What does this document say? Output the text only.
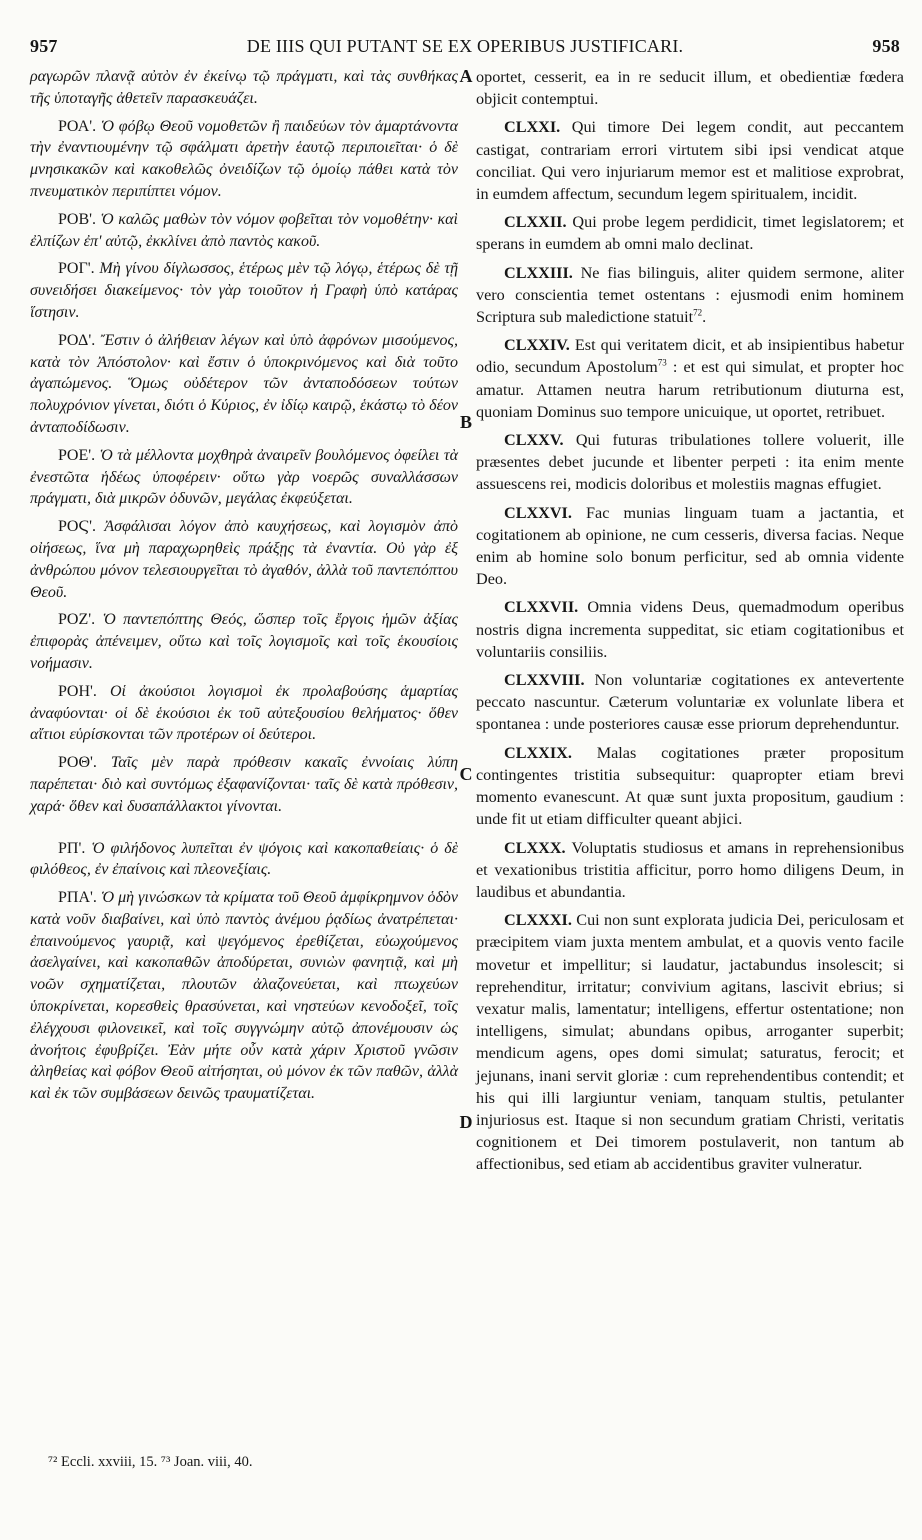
957	DE IIIS QUI PUTANT SE EX OPERIBUS JUSTIFICARI.	958

ραγωρῶν πλανᾷ αὐτὸν ἐν ἐκείνῳ τῷ πράγματι, καὶ τὰς συνθήκας τῆς ὑποταγῆς ἀθετεῖν παρασκευάζει.

ΡΟΑ'. Ὁ φόβῳ Θεοῦ νομοθετῶν ἢ παιδεύων τὸν ἁμαρτάνοντα τὴν ἐναντιουμένην τῷ σφάλματι ἀρετὴν ἑαυτῷ περιποιεῖται· ὁ δὲ μνησικακῶν καὶ κακοθελῶς ὀνειδίζων τῷ ὁμοίῳ πάθει κατὰ τὸν πνευματικὸν περιπίπτει νόμον.

ΡΟΒ'. Ὁ καλῶς μαθὼν τὸν νόμον φοβεῖται τὸν νομοθέτην· καὶ ἐλπίζων ἐπ' αὐτῷ, ἐκκλίνει ἀπὸ παντὸς κακοῦ.

ΡΟΓ'. Μὴ γίνου δίγλωσσος, ἑτέρως μὲν τῷ λόγῳ, ἑτέρως δὲ τῇ συνειδήσει διακείμενος· τὸν γὰρ τοιοῦτον ἡ Γραφὴ ὑπὸ κατάρας ἵστησιν.

ΡΟΔ'. Ἔστιν ὁ ἀλήθειαν λέγων καὶ ὑπὸ ἀφρόνων μισούμενος, κατὰ τὸν Ἀπόστολον· καὶ ἔστιν ὁ ὑποκρινόμενος καὶ διὰ τοῦτο ἀγαπώμενος. Ὅμως οὐδέτερον τῶν ἀνταποδόσεων τούτων πολυχρόνιον γίνεται, διότι ὁ Κύριος, ἐν ἰδίῳ καιρῷ, ἑκάστῳ τὸ δέον ἀνταποδίδωσιν.

ΡΟΕ'. Ὁ τὰ μέλλοντα μοχθηρὰ ἀναιρεῖν βουλόμενος ὀφείλει τὰ ἐνεστῶτα ἡδέως ὑποφέρειν· οὕτω γὰρ νοερῶς συναλλάσσων πράγματι, διὰ μικρῶν ὀδυνῶν, μεγάλας ἐκφεύξεται.

ΡΟϚ'. Ἀσφάλισαι λόγον ἀπὸ καυχήσεως, καὶ λογισμὸν ἀπὸ οἰήσεως, ἵνα μὴ παραχωρηθεὶς πράξῃς τὰ ἐναντία. Οὐ γὰρ ἐξ ἀνθρώπου μόνον τελεσιουργεῖται τὸ ἀγαθόν, ἀλλὰ τοῦ παντεπόπτου Θεοῦ.

ΡΟΖ'. Ὁ παντεπόπτης Θεός, ὥσπερ τοῖς ἔργοις ἡμῶν ἀξίας ἐπιφορὰς ἀπένειμεν, οὕτω καὶ τοῖς λογισμοῖς καὶ τοῖς ἑκουσίοις νοήμασιν.

ΡΟΗ'. Οἱ ἀκούσιοι λογισμοὶ ἐκ προλαβούσης ἁμαρτίας ἀναφύονται· οἱ δὲ ἑκούσιοι ἐκ τοῦ αὐτεξουσίου θελήματος· ὅθεν αἴτιοι εὑρίσκονται τῶν προτέρων οἱ δεύτεροι.

ΡΟΘ'. Ταῖς μὲν παρὰ πρόθεσιν κακαῖς ἐννοίαις λύπη παρέπεται· διὸ καὶ συντόμως ἐξαφανίζονται· ταῖς δὲ κατὰ πρόθεσιν, χαρά· ὅθεν καὶ δυσαπάλλακτοι γίνονται.

ΡΠ'. Ὁ φιλήδονος λυπεῖται ἐν ψόγοις καὶ κακοπαθείαις· ὁ δὲ φιλόθεος, ἐν ἐπαίνοις καὶ πλεονεξίαις.

ΡΠΑ'. Ὁ μὴ γινώσκων τὰ κρίματα τοῦ Θεοῦ ἀμφίκρημνον ὁδὸν κατὰ νοῦν διαβαίνει, καὶ ὑπὸ παντὸς ἀνέμου ῥᾳδίως ἀνατρέπεται· ἐπαινούμενος γαυριᾷ, καὶ ψεγόμενος ἐρεθίζεται, εὐωχούμενος ἀσελγαίνει, καὶ κακοπαθῶν ἀποδύρεται, συνιὼν φανητιᾷ, καὶ μὴ νοῶν σχηματίζεται, πλουτῶν ἀλαζονεύεται, καὶ πτωχεύων ὑποκρίνεται, κορεσθεὶς θρασύνεται, καὶ νηστεύων κενοδοξεῖ, τοῖς ἐλέγχουσι φιλονεικεῖ, καὶ τοῖς συγγνώμην αὐτῷ ἀπονέμουσιν ὡς ἀνοήτοις ἐφυβρίζει. Ἐὰν μήτε οὖν κατὰ χάριν Χριστοῦ γνῶσιν ἀληθείας καὶ φόβον Θεοῦ αἰτήσηται, οὐ μόνον ἐκ τῶν παθῶν, ἀλλὰ καὶ ἐκ τῶν συμβάσεων δεινῶς τραυματίζεται.

oportet, cesserit, ea in re seducit illum, et obedientiæ fœdera objicit contemptui.

CLXXI. Qui timore Dei legem condit, aut peccantem castigat, contrariam errori virtutem sibi ipsi vendicat atque conciliat. Qui vero injuriarum memor est et malitiose exprobrat, in eumdem affectum, secundum legem spiritualem, incidit.

CLXXII. Qui probe legem perdidicit, timet legislatorem; et sperans in eumdem ab omni malo declinat.

CLXXIII. Ne fias bilinguis, aliter quidem sermone, aliter vero conscientia temet ostentans : ejusmodi enim hominem Scriptura sub maledictione statuit$^{72}$.

CLXXIV. Est qui veritatem dicit, et ab insipientibus habetur odio, secundum Apostolum$^{73}$ : et est qui simulat, et propter hoc amatur. Attamen neutra harum retributionum diuturna est, quoniam Dominus suo tempore unicuique, ut oportet, retribuet.

CLXXV. Qui futuras tribulationes tollere voluerit, ille præsentes debet jucunde et libenter perpeti : ita enim mente assuescens rei, modicis doloribus et molestiis magnas effugiet.

CLXXVI. Fac munias linguam tuam a jactantia, et cogitationem ab opinione, ne cum cesseris, diversa facias. Neque enim ab homine solo bonum perficitur, sed ab omnia vidente Deo.

CLXXVII. Omnia videns Deus, quemadmodum operibus nostris digna incrementa suppeditat, sic etiam cogitationibus et voluntariis consiliis.

CLXXVIII. Non voluntariæ cogitationes ex antevertente peccato nascuntur. Cæterum voluntariæ ex volunlate libera et spontanea : unde posteriores causæ esse priorum deprehenduntur.

CLXXIX. Malas cogitationes præter propositum contingentes tristitia subsequitur: quapropter etiam brevi momento evanescunt. At quæ sunt juxta propositum, gaudium : unde fit ut etiam difficulter queant abjici.

CLXXX. Voluptatis studiosus et amans in reprehensionibus et vexationibus tristitia afficitur, porro homo diligens Deum, in laudibus et abundantia.

CLXXXI. Cui non sunt explorata judicia Dei, periculosam et præcipitem viam juxta mentem ambulat, et a quovis vento facile movetur et impellitur; si laudatur, jactabundus insolescit; si reprehenditur, irritatur; convivium agitans, lascivit ebrius; si vexatur malis, lamentatur; intelligens, effertur ostentatione; non intelligens, simulat; abundans opibus, arroganter superbit; mendicum agens, opes domi simulat; saturatus, ferocit; et jejunans, inani servit gloriæ : cum reprehendentibus contendit; et his qui illi largiuntur veniam, tanquam stultis, petulanter injuriosus est. Itaque si non secundum gratiam Christi, veritatis cognitionem et Dei timorem postulaverit, non tantum ab affectionibus, sed etiam ab accidentibus graviter vulneratur.

A
B
C
D
⁷² Eccli. xxviii, 15. ⁷³ Joan. viii, 40.
